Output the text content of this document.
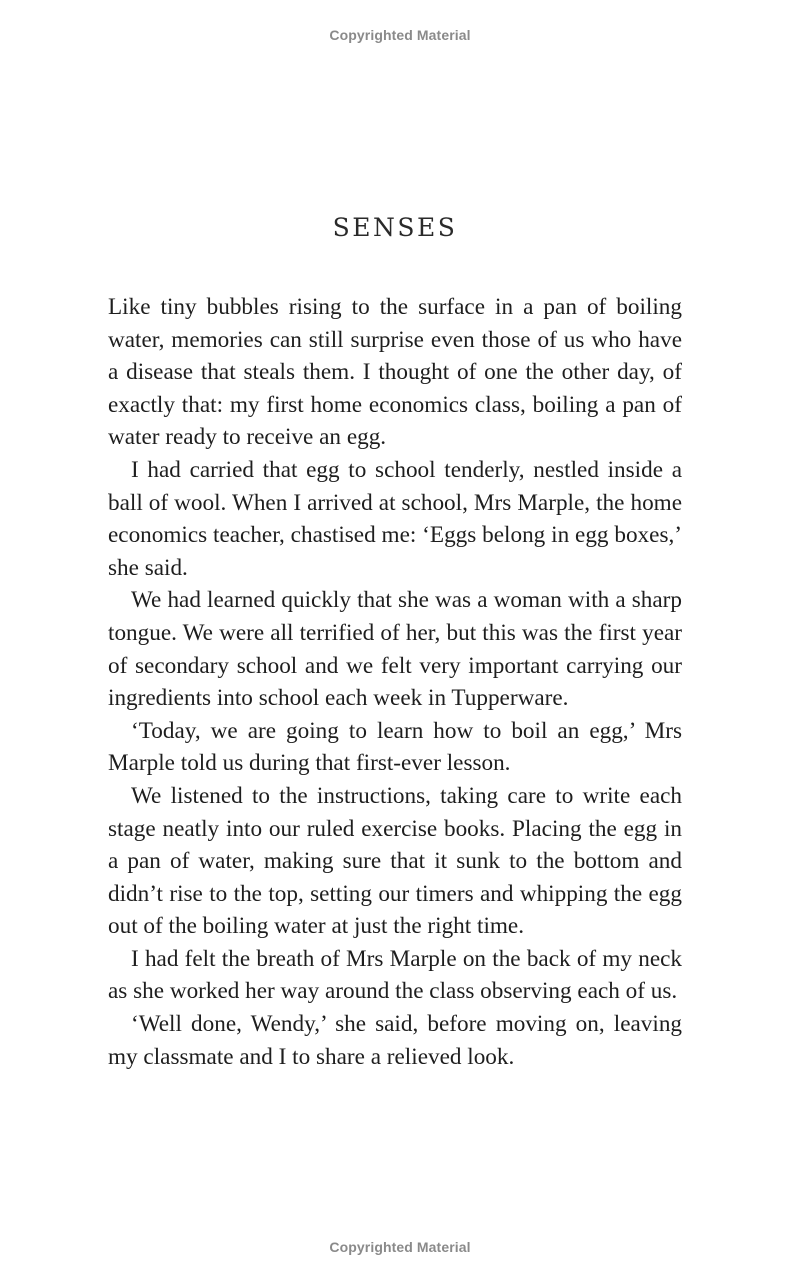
Copyrighted Material
SENSES

Like tiny bubbles rising to the surface in a pan of boiling water, memories can still surprise even those of us who have a disease that steals them. I thought of one the other day, of exactly that: my first home economics class, boiling a pan of water ready to receive an egg.

I had carried that egg to school tenderly, nestled inside a ball of wool. When I arrived at school, Mrs Marple, the home economics teacher, chastised me: ‘Eggs belong in egg boxes,’ she said.

We had learned quickly that she was a woman with a sharp tongue. We were all terrified of her, but this was the first year of secondary school and we felt very important carrying our ingredients into school each week in Tupperware.

‘Today, we are going to learn how to boil an egg,’ Mrs Marple told us during that first-ever lesson.

We listened to the instructions, taking care to write each stage neatly into our ruled exercise books. Placing the egg in a pan of water, making sure that it sunk to the bottom and didn’t rise to the top, setting our timers and whipping the egg out of the boiling water at just the right time.

I had felt the breath of Mrs Marple on the back of my neck as she worked her way around the class observing each of us.

‘Well done, Wendy,’ she said, before moving on, leaving my classmate and I to share a relieved look.

Copyrighted Material
